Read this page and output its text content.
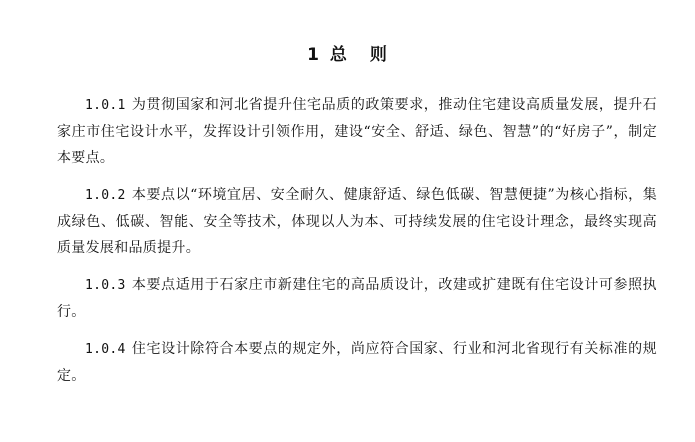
1 总 则

1.0.1 为贯彻国家和河北省提升住宅品质的政策要求，推动住宅建设高质量发展，提升石家庄市住宅设计水平，发挥设计引领作用，建设“安全、舒适、绿色、智慧”的“好房子”，制定本要点。

1.0.2 本要点以“环境宜居、安全耐久、健康舒适、绿色低碳、智慧便捷”为核心指标，集成绿色、低碳、智能、安全等技术，体现以人为本、可持续发展的住宅设计理念，最终实现高质量发展和品质提升。

1.0.3 本要点适用于石家庄市新建住宅的高品质设计，改建或扩建既有住宅设计可参照执行。

1.0.4 住宅设计除符合本要点的规定外，尚应符合国家、行业和河北省现行有关标准的规定。
